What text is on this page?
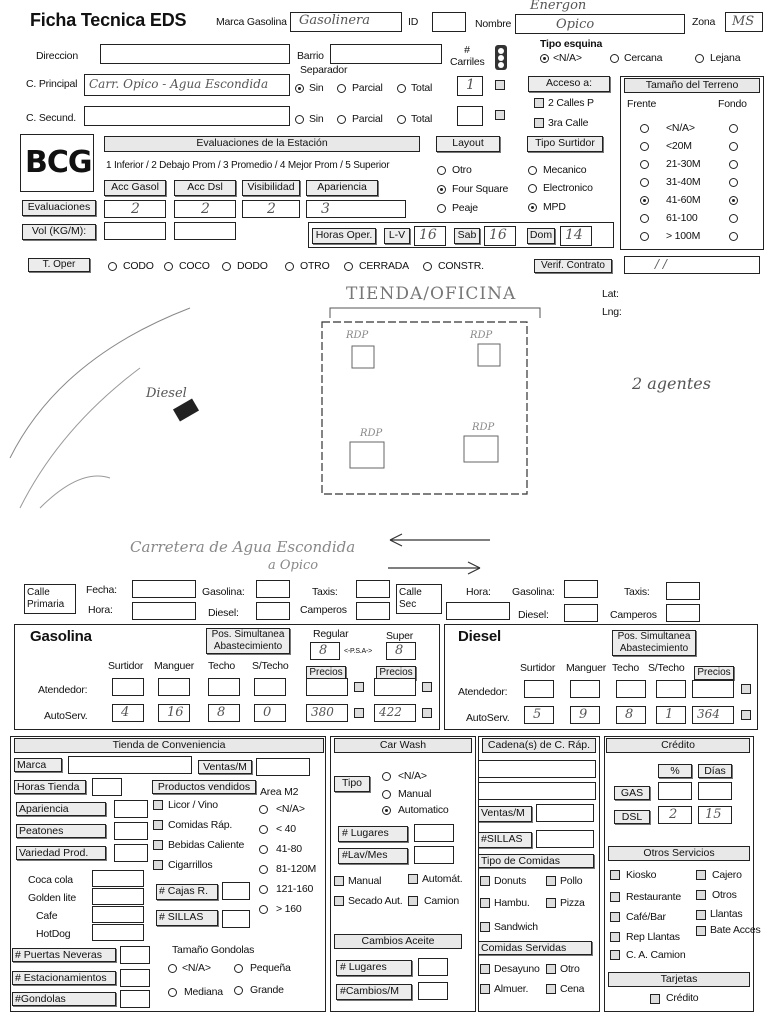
Ficha Tecnica EDS	Marca Gasolina Gasolinera	ID	Nombre
Energon
Opico	Zona MS
Direccion	Barrio	# Carriles
Tipo esquina
<N/A>	Cercana	Lejana
C. Principal Carr. Opico - Agua Escondida
Separador
Sin	Parcial	Total 1	Acceso a:
C. Secund.	Sin	Parcial	Total
2 Calles P
3ra Calle
Tamaño del Terreno
Frente	Fondo
<N/A>
<20M
21-30M
31-40M
41-60M
61-100
> 100M
BCG
Evaluaciones de la Estación
1 Inferior / 2 Debajo Prom / 3 Promedio / 4 Mejor Prom / 5 Superior
Acc Gasol	Acc Dsl	Visibilidad	Apariencia
Evaluaciones	2	2	2	3
Vol (KG/M):
Layout	Tipo Surtidor
Otro
Four Square
Peaje
Mecanico
Electronico
MPD
Horas Oper.	L-V 16	Sab 16 Dom 14
T. Oper	CODO COCO	DODO	OTRO	CERRADA	CONSTR.	Verif. Contrato	/ /
Lat:
Lng:
TIENDA/OFICINA
Diesel
2 agentes
RDP	RDP
RDP
RDP
Carretera de Agua Escondida
a Opico
Calle Primaria
Fecha:
Hora:
Gasolina:
Diesel:
Taxis:
Camperos
Calle Sec
Hora: Gasolina:
Diesel:
Taxis:
Camperos
Gasolina	Pos. Simultanea Abastecimiento
Regular	Super
8 <-P.S.A-> 8
Surtidor Manguer Techo S/Techo
Precios	Precios
Atendedor:
AutoServ.	4	16	8	0	380	422
Diesel	Pos. Simultanea Abastecimiento
Surtidor Manguer Techo S/Techo	Precios
Atendedor:
AutoServ. 5	9	8 1 364
Tienda de Conveniencia
Marca	Ventas/M
Horas Tienda	Productos vendidos Area M2
Apariencia
Peatones
Variedad Prod.
Licor / Vino
Comidas Ráp.
Bebidas Caliente
Cigarrillos
<N/A>
< 40
41-80
81-120M
121-160
> 160
Coca cola
Golden lite
Cafe
HotDog
# Cajas R.
# SILLAS
# Puertas Neveras
# Estacionamientos
#Gondolas
Tamaño Gondolas
<N/A>	Pequeña
Mediana	Grande
Car Wash
Tipo
<N/A>
Manual
Automatico
# Lugares
#Lav/Mes
Manual	Automát.
Secado Aut. Camion
Cambios Aceite
# Lugares
#Cambios/M
Cadena(s) de C. Ráp.
Ventas/M
#SILLAS
Tipo de Comidas
Donuts	Pollo
Hambu.	Pizza
Sandwich
Comidas Servidas
Desayuno Otro
Almuer.	Cena
Crédito
%	Días
GAS
DSL	2 15
Otros Servicios
Kiosko	Cajero
Restaurante	Otros
Café/Bar	Llantas
Rep Llantas
Bate Acces
C. A. Camion
Tarjetas
Crédito
